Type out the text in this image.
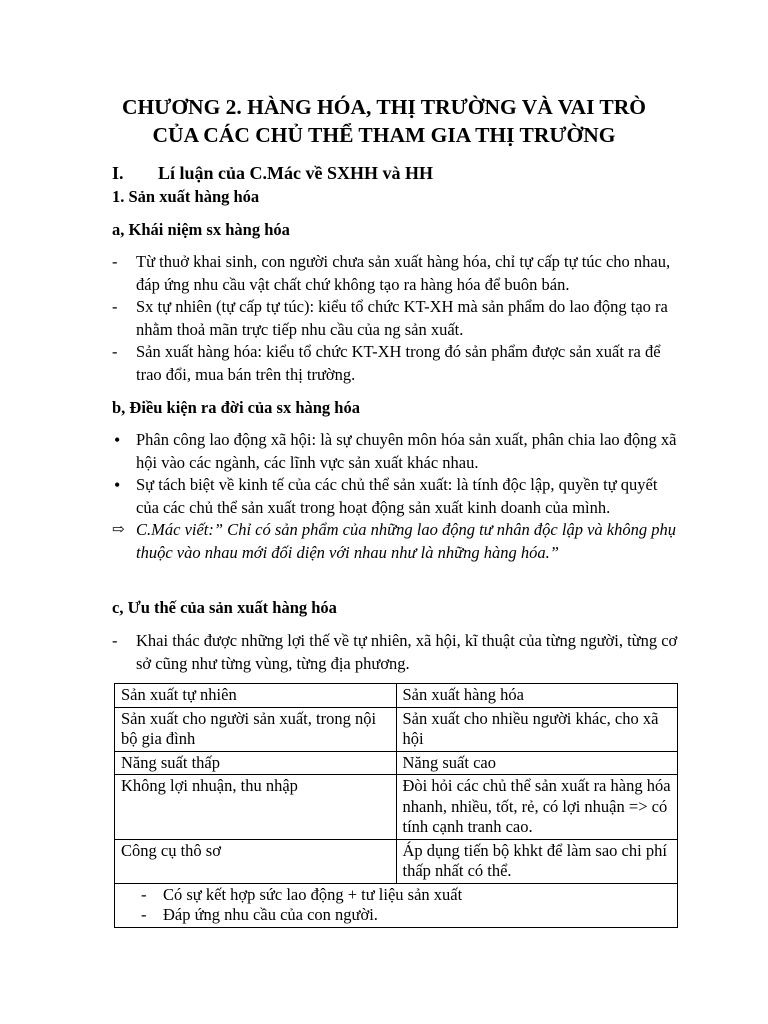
CHƯƠNG 2. HÀNG HÓA, THỊ TRƯỜNG VÀ VAI TRÒ
CỦA CÁC CHỦ THỂ THAM GIA THỊ TRƯỜNG
I. Lí luận của C.Mác về SXHH và HH
1. Sản xuất hàng hóa
a, Khái niệm sx hàng hóa
-	Từ thuở khai sinh, con người chưa sản xuất hàng hóa, chỉ tự cấp tự túc cho nhau, đáp ứng nhu cầu vật chất chứ không tạo ra hàng hóa để buôn bán.
-	Sx tự nhiên (tự cấp tự túc): kiểu tổ chức KT-XH mà sản phẩm do lao động tạo ra nhằm thoả mãn trực tiếp nhu cầu của ng sản xuất.
-	Sản xuất hàng hóa: kiểu tổ chức KT-XH trong đó sản phẩm được sản xuất ra để trao đổi, mua bán trên thị trường.
b, Điều kiện ra đời của sx hàng hóa
• Phân công lao động xã hội: là sự chuyên môn hóa sản xuất, phân chia lao động xã hội vào các ngành, các lĩnh vực sản xuất khác nhau.
• Sự tách biệt về kinh tế của các chủ thể sản xuất: là tính độc lập, quyền tự quyết của các chủ thể sản xuất trong hoạt động sản xuất kinh doanh của mình.
⇨ C.Mác viết:” Chỉ có sản phẩm của những lao động tư nhân độc lập và không phụ thuộc vào nhau mới đối diện với nhau như là những hàng hóa.”
c, Ưu thế của sản xuất hàng hóa
-	Khai thác được những lợi thế về tự nhiên, xã hội, kĩ thuật của từng người, từng cơ sở cũng như từng vùng, từng địa phương.
Sản xuất tự nhiên	Sản xuất hàng hóa
Sản xuất cho người sản xuất, trong nội bộ gia đình	Sản xuất cho nhiều người khác, cho xã hội
Năng suất thấp	Năng suất cao
Không lợi nhuận, thu nhập	Đòi hỏi các chủ thể sản xuất ra hàng hóa nhanh, nhiều, tốt, rẻ, có lợi nhuận => có tính cạnh tranh cao.
Công cụ thô sơ	Áp dụng tiến bộ khkt để làm sao chi phí thấp nhất có thể.

- Có sự kết hợp sức lao động + tư liệu sản xuất
- Đáp ứng nhu cầu của con người.	
